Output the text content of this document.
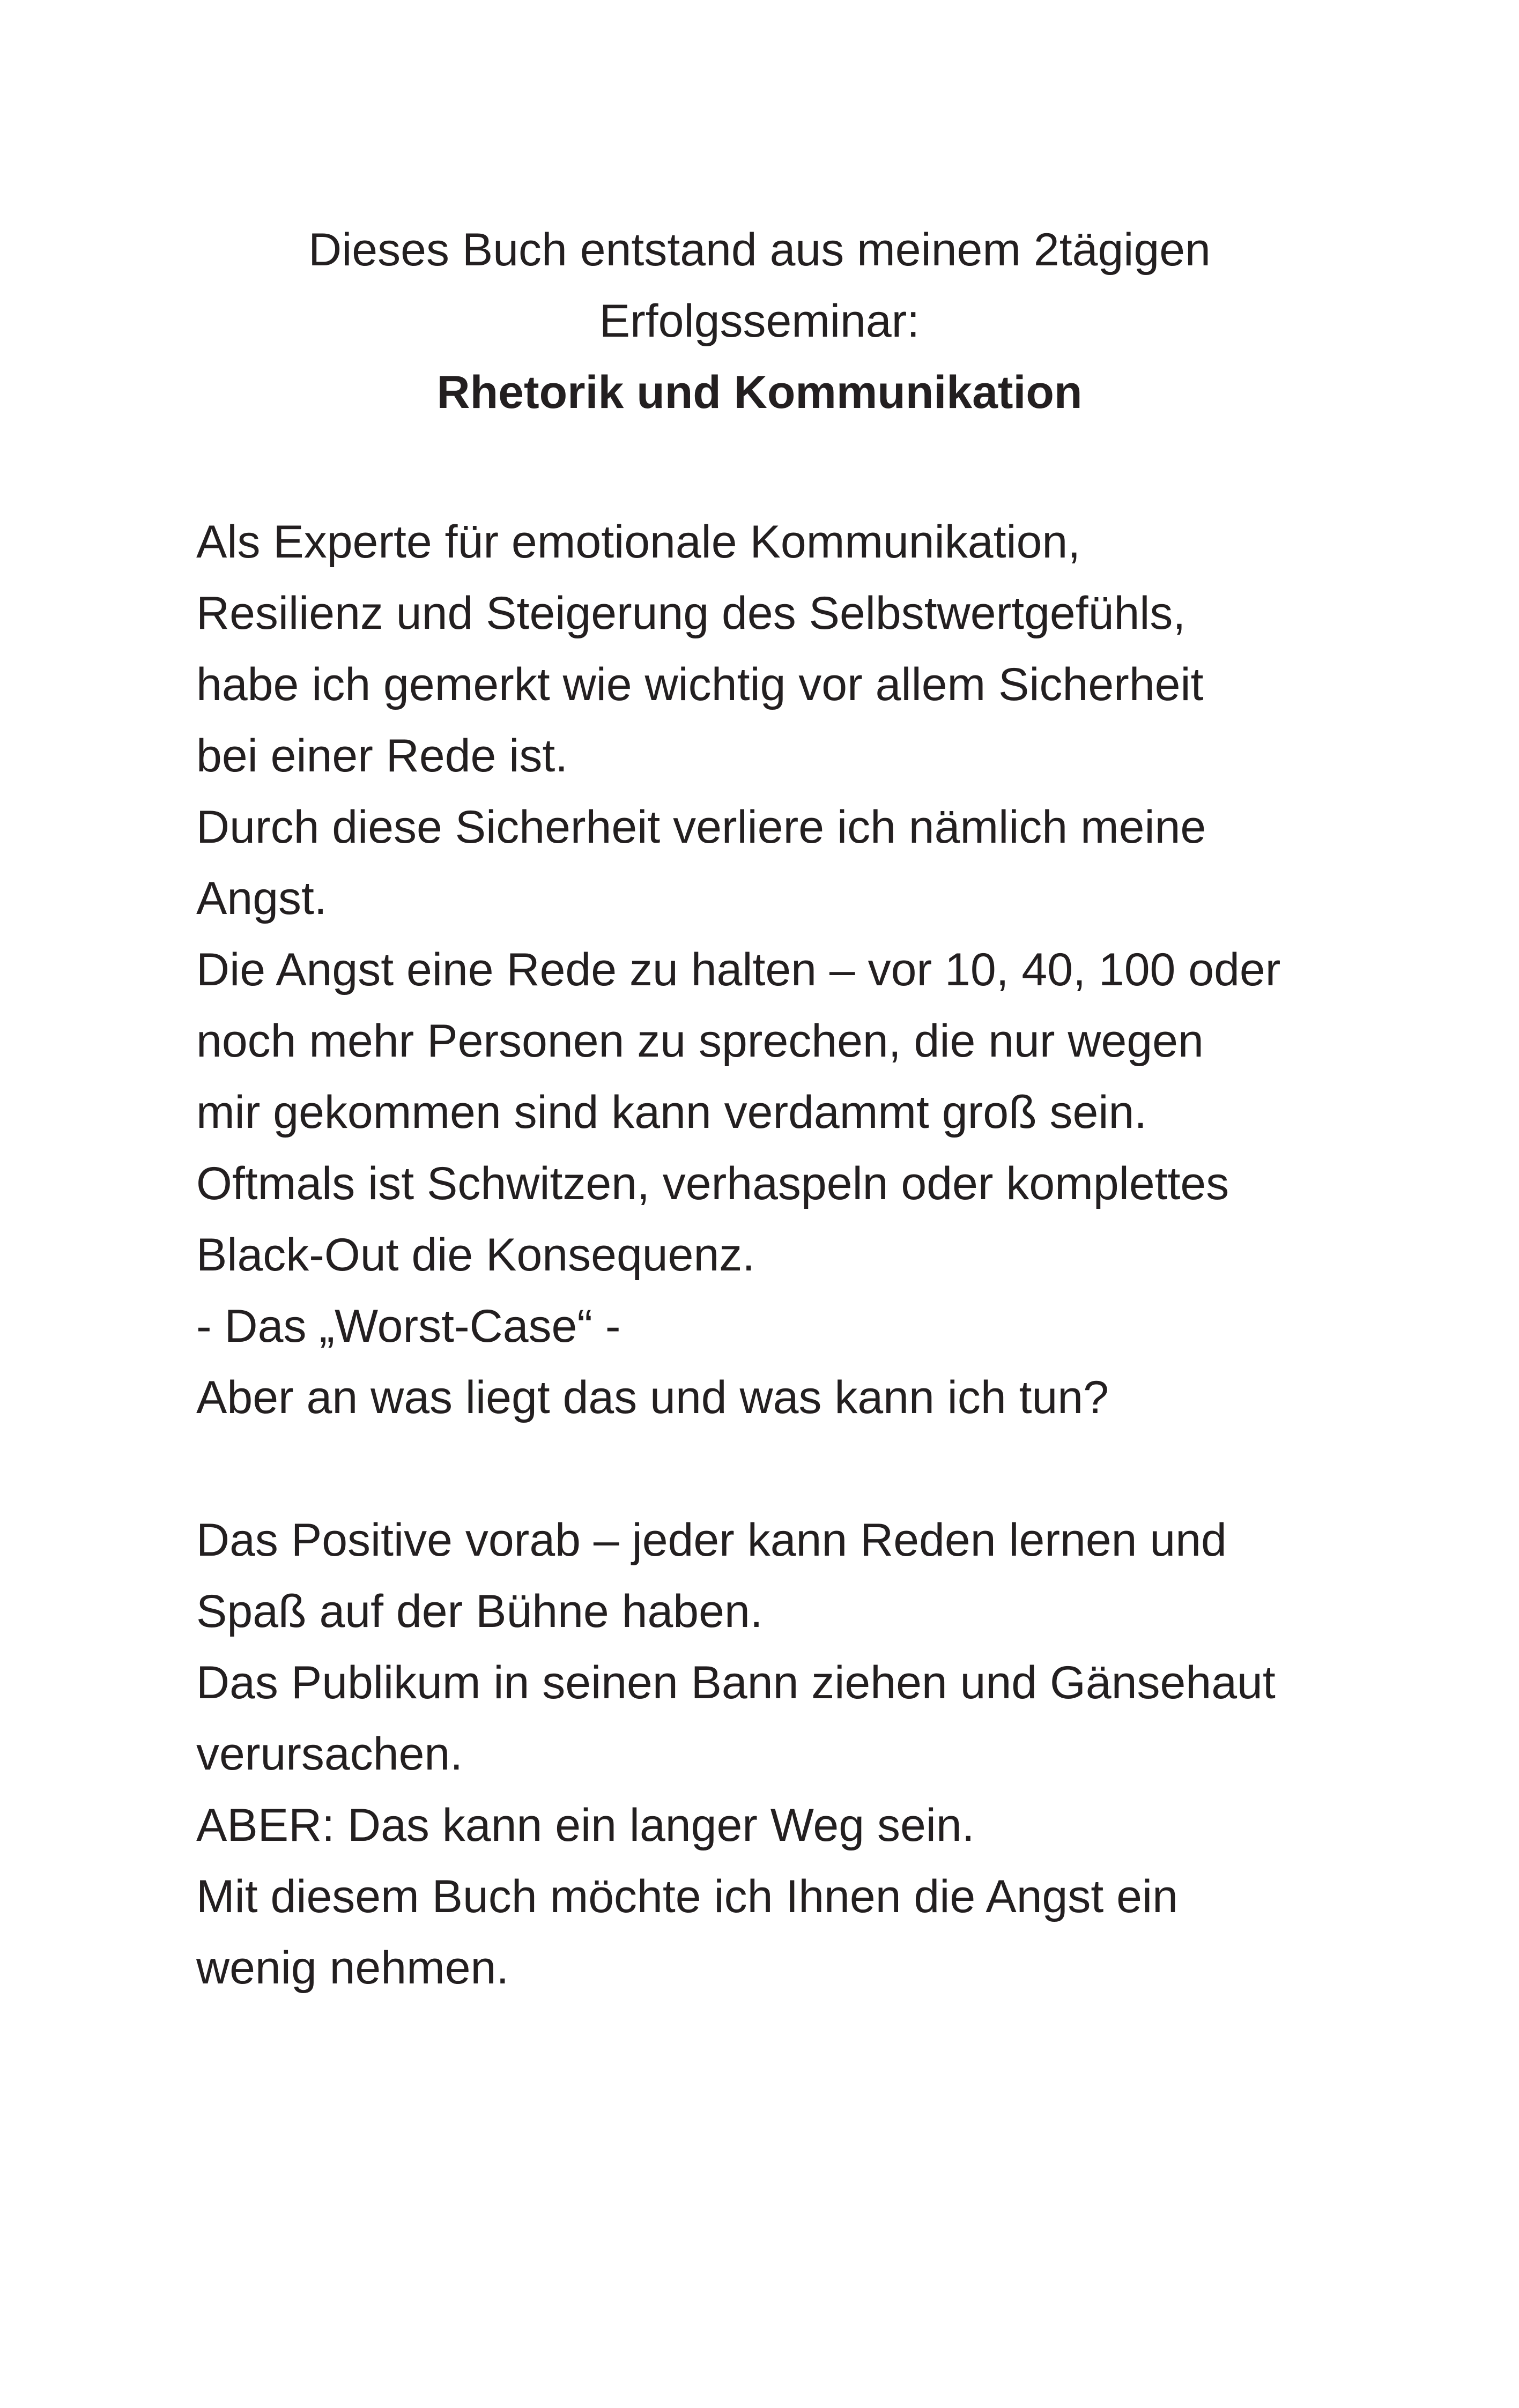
Dieses Buch entstand aus meinem 2tägigen
Erfolgsseminar:
Rhetorik und Kommunikation
Als Experte für emotionale Kommunikation,
Resilienz und Steigerung des Selbstwertgefühls,
habe ich gemerkt wie wichtig vor allem Sicherheit
bei einer Rede ist.
Durch diese Sicherheit verliere ich nämlich meine
Angst.
Die Angst eine Rede zu halten – vor 10, 40, 100 oder
noch mehr Personen zu sprechen, die nur wegen
mir gekommen sind kann verdammt groß sein.
Oftmals ist Schwitzen, verhaspeln oder komplettes
Black-Out die Konsequenz.
- Das „Worst-Case“ -
Aber an was liegt das und was kann ich tun?
Das Positive vorab – jeder kann Reden lernen und
Spaß auf der Bühne haben.
Das Publikum in seinen Bann ziehen und Gänsehaut
verursachen.
ABER: Das kann ein langer Weg sein.
Mit diesem Buch möchte ich Ihnen die Angst ein
wenig nehmen.
